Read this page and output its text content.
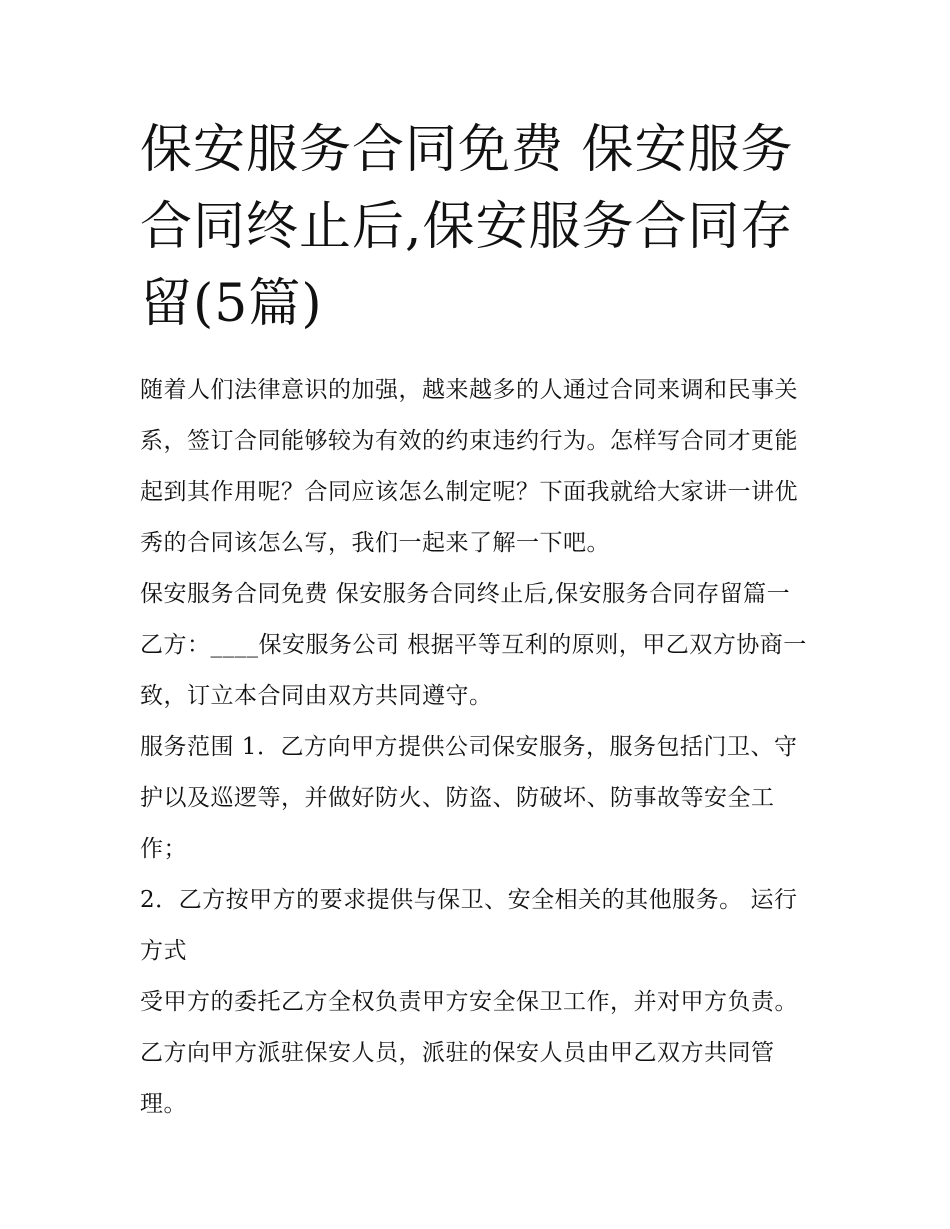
保安服务合同免费 保安服务合同终止后,保安服务合同存留(5篇)

随着人们法律意识的加强，越来越多的人通过合同来调和民事关系，签订合同能够较为有效的约束违约行为。怎样写合同才更能起到其作用呢？合同应该怎么制定呢？下面我就给大家讲一讲优秀的合同该怎么写，我们一起来了解一下吧。

保安服务合同免费 保安服务合同终止后,保安服务合同存留篇一 乙方：____保安服务公司 根据平等互利的原则，甲乙双方协商一致，订立本合同由双方共同遵守。

服务范围 1．乙方向甲方提供公司保安服务，服务包括门卫、守护以及巡逻等，并做好防火、防盗、防破坏、防事故等安全工作；

2．乙方按甲方的要求提供与保卫、安全相关的其他服务。 运行方式

受甲方的委托乙方全权负责甲方安全保卫工作，并对甲方负责。乙方向甲方派驻保安人员，派驻的保安人员由甲乙双方共同管理。
